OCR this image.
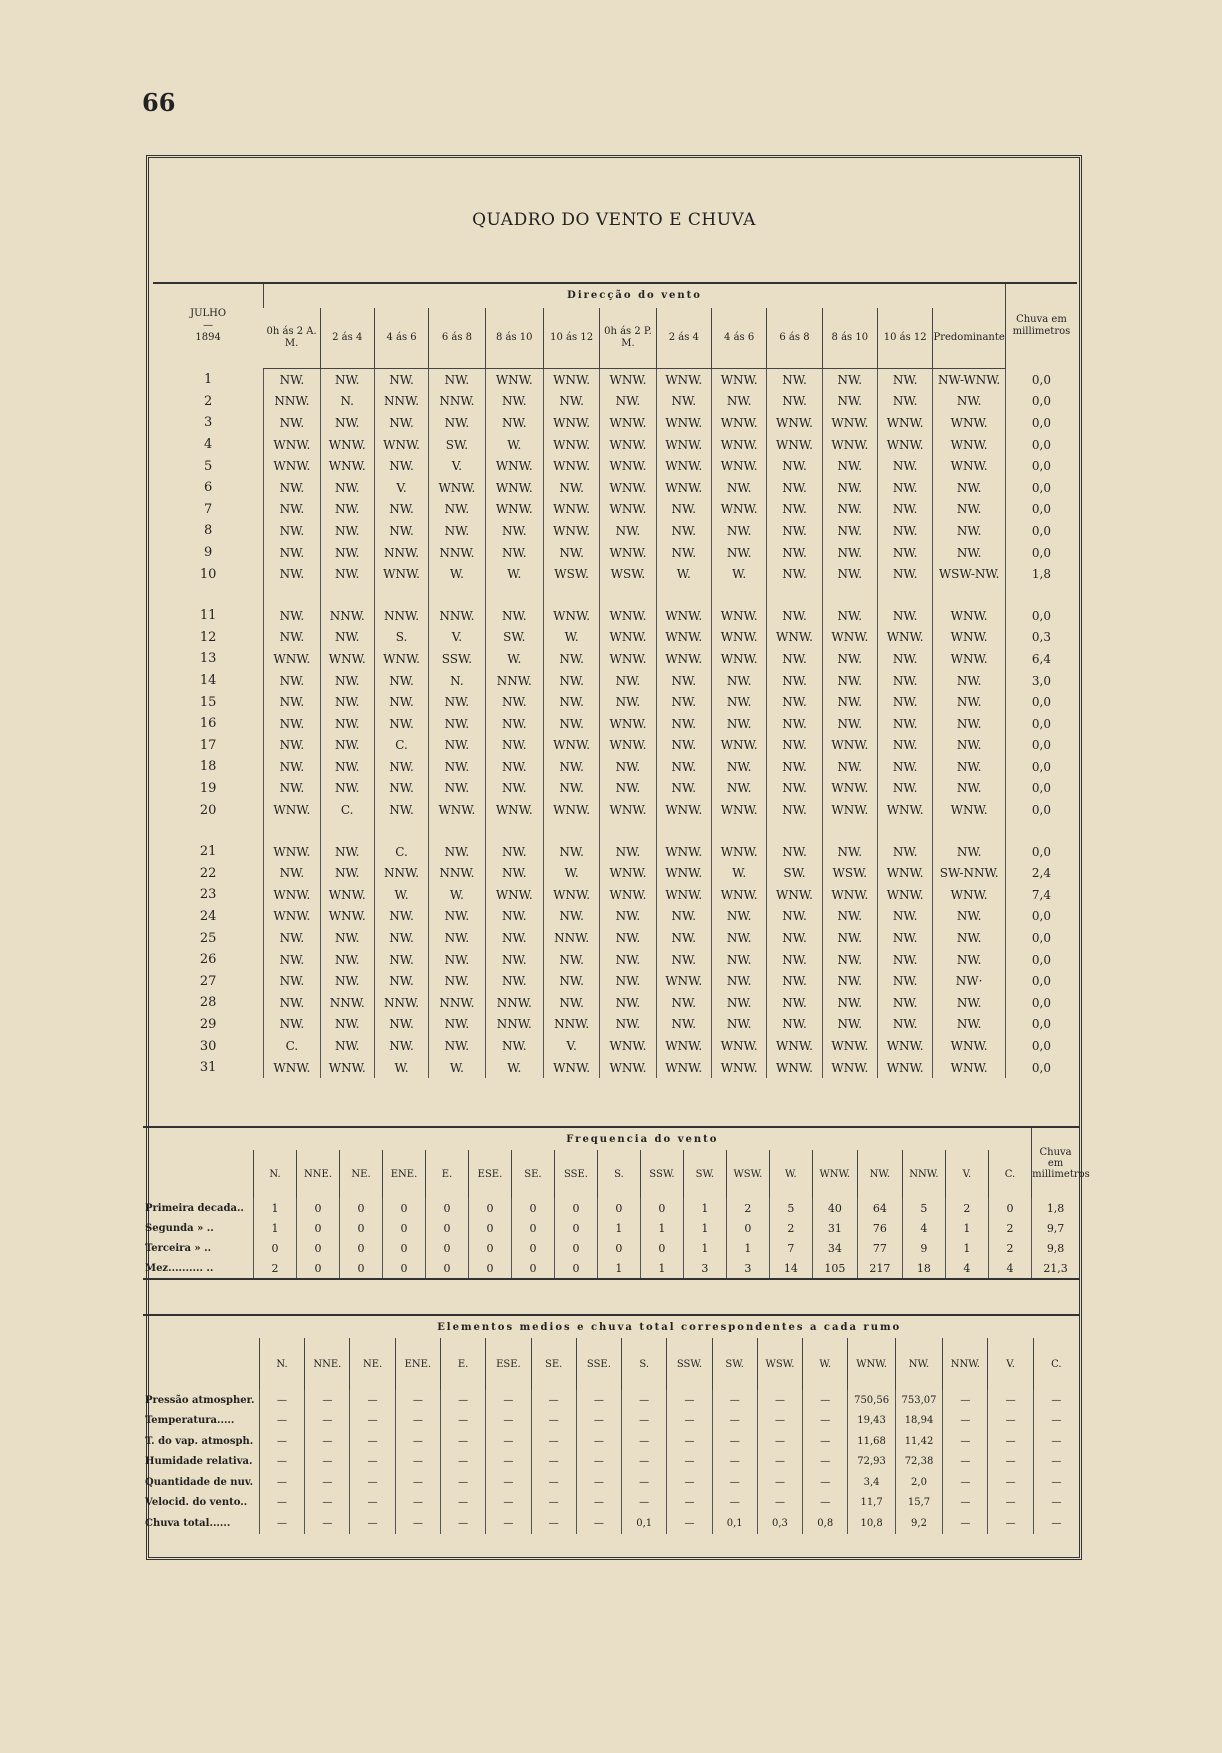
66
QUADRO DO VENTO E CHUVA
JULHO
—
1894	Direcção do vento													Chuva em millimetros
	0h ás 2 A. M.	2 ás 4	4 ás 6	6 ás 8	8 ás 10	10 ás 12	0h ás 2 P. M.	2 ás 4	4 ás 6	6 ás 8	8 ás 10	10 ás 12	Predominante	
1	NW.	NW.	NW.	NW.	WNW.	WNW.	WNW.	WNW.	WNW.	NW.	NW.	NW.	NW-WNW.	0,0
2	NNW.	N.	NNW.	NNW.	NW.	NW.	NW.	NW.	NW.	NW.	NW.	NW.	NW.	0,0
3	NW.	NW.	NW.	NW.	NW.	WNW.	WNW.	WNW.	WNW.	WNW.	WNW.	WNW.	WNW.	0,0
4	WNW.	WNW.	WNW.	SW.	W.	WNW.	WNW.	WNW.	WNW.	WNW.	WNW.	WNW.	WNW.	0,0
5	WNW.	WNW.	NW.	V.	WNW.	WNW.	WNW.	WNW.	WNW.	NW.	NW.	NW.	WNW.	0,0
6	NW.	NW.	V.	WNW.	WNW.	NW.	WNW.	WNW.	NW.	NW.	NW.	NW.	NW.	0,0
7	NW.	NW.	NW.	NW.	WNW.	WNW.	WNW.	NW.	WNW.	NW.	NW.	NW.	NW.	0,0
8	NW.	NW.	NW.	NW.	NW.	WNW.	NW.	NW.	NW.	NW.	NW.	NW.	NW.	0,0
9	NW.	NW.	NNW.	NNW.	NW.	NW.	WNW.	NW.	NW.	NW.	NW.	NW.	NW.	0,0
10	NW.	NW.	WNW.	W.	W.	WSW.	WSW.	W.	W.	NW.	NW.	NW.	WSW-NW.	1,8

11	NW.	NNW.	NNW.	NNW.	NW.	WNW.	WNW.	WNW.	WNW.	NW.	NW.	NW.	WNW.	0,0
12	NW.	NW.	S.	V.	SW.	W.	WNW.	WNW.	WNW.	WNW.	WNW.	WNW.	WNW.	0,3
13	WNW.	WNW.	WNW.	SSW.	W.	NW.	WNW.	WNW.	WNW.	NW.	NW.	NW.	WNW.	6,4
14	NW.	NW.	NW.	N.	NNW.	NW.	NW.	NW.	NW.	NW.	NW.	NW.	NW.	3,0
15	NW.	NW.	NW.	NW.	NW.	NW.	NW.	NW.	NW.	NW.	NW.	NW.	NW.	0,0
16	NW.	NW.	NW.	NW.	NW.	NW.	WNW.	NW.	NW.	NW.	NW.	NW.	NW.	0,0
17	NW.	NW.	C.	NW.	NW.	WNW.	WNW.	NW.	WNW.	NW.	WNW.	NW.	NW.	0,0
18	NW.	NW.	NW.	NW.	NW.	NW.	NW.	NW.	NW.	NW.	NW.	NW.	NW.	0,0
19	NW.	NW.	NW.	NW.	NW.	NW.	NW.	NW.	NW.	NW.	WNW.	NW.	NW.	0,0
20	WNW.	C.	NW.	WNW.	WNW.	WNW.	WNW.	WNW.	WNW.	NW.	WNW.	WNW.	WNW.	0,0

21	WNW.	NW.	C.	NW.	NW.	NW.	NW.	WNW.	WNW.	NW.	NW.	NW.	NW.	0,0
22	NW.	NW.	NNW.	NNW.	NW.	W.	WNW.	WNW.	W.	SW.	WSW.	WNW.	SW-NNW.	2,4
23	WNW.	WNW.	W.	W.	WNW.	WNW.	WNW.	WNW.	WNW.	WNW.	WNW.	WNW.	WNW.	7,4
24	WNW.	WNW.	NW.	NW.	NW.	NW.	NW.	NW.	NW.	NW.	NW.	NW.	NW.	0,0
25	NW.	NW.	NW.	NW.	NW.	NNW.	NW.	NW.	NW.	NW.	NW.	NW.	NW.	0,0
26	NW.	NW.	NW.	NW.	NW.	NW.	NW.	NW.	NW.	NW.	NW.	NW.	NW.	0,0
27	NW.	NW.	NW.	NW.	NW.	NW.	NW.	WNW.	NW.	NW.	NW.	NW.	NW·	0,0
28	NW.	NNW.	NNW.	NNW.	NNW.	NW.	NW.	NW.	NW.	NW.	NW.	NW.	NW.	0,0
29	NW.	NW.	NW.	NW.	NNW.	NNW.	NW.	NW.	NW.	NW.	NW.	NW.	NW.	0,0
30	C.	NW.	NW.	NW.	NW.	V.	WNW.	WNW.	WNW.	WNW.	WNW.	WNW.	WNW.	0,0
31	WNW.	WNW.	W.	W.	W.	WNW.	WNW.	WNW.	WNW.	WNW.	WNW.	WNW.	WNW.	0,0
	Frequencia do vento																		Chuva em millimetros
	N.	NNE.	NE.	ENE.	E.	ESE.	SE.	SSE.	S.	SSW.	SW.	WSW.	W.	WNW.	NW.	NNW.	V.	C.	
Primeira decada..	1	0	0	0	0	0	0	0	0	0	1	2	5	40	64	5	2	0	1,8
Segunda » ..	1	0	0	0	0	0	0	0	1	1	1	0	2	31	76	4	1	2	9,7
Terceira » ..	0	0	0	0	0	0	0	0	0	0	1	1	7	34	77	9	1	2	9,8
Mez.......... ..	2	0	0	0	0	0	0	0	1	1	3	3	14	105	217	18	4	4	21,3
	Elementos medios e chuva total correspondentes a cada rumo																	
	N.	NNE.	NE.	ENE.	E.	ESE.	SE.	SSE.	S.	SSW.	SW.	WSW.	W.	WNW.	NW.	NNW.	V.	C.
Pressão atmospher.	—	—	—	—	—	—	—	—	—	—	—	—	—	750,56	753,07	—	—	—
Temperatura.....	—	—	—	—	—	—	—	—	—	—	—	—	—	19,43	18,94	—	—	—
T. do vap. atmosph.	—	—	—	—	—	—	—	—	—	—	—	—	—	11,68	11,42	—	—	—
Humidade relativa.	—	—	—	—	—	—	—	—	—	—	—	—	—	72,93	72,38	—	—	—
Quantidade de nuv.	—	—	—	—	—	—	—	—	—	—	—	—	—	3,4	2,0	—	—	—
Velocid. do vento..	—	—	—	—	—	—	—	—	—	—	—	—	—	11,7	15,7	—	—	—
Chuva total......	—	—	—	—	—	—	—	—	0,1	—	0,1	0,3	0,8	10,8	9,2	—	—	—
